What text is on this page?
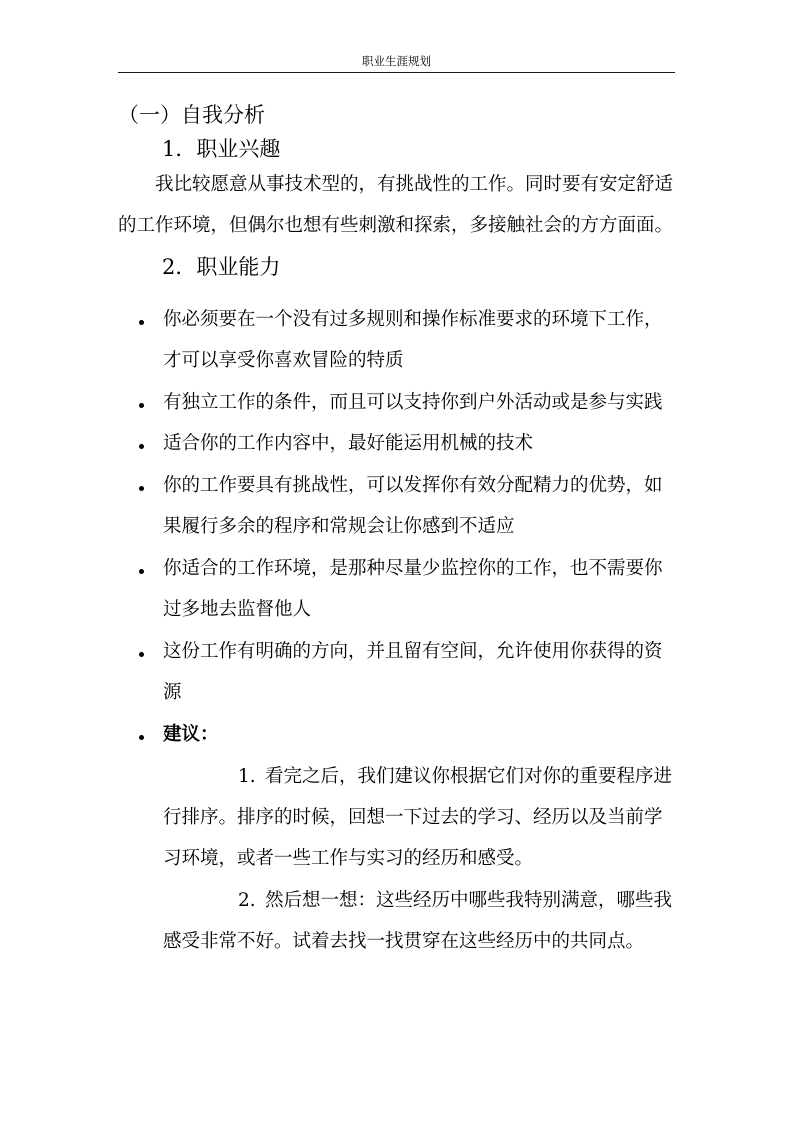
职业生涯规划
（一）自我分析
1．职业兴趣
我比较愿意从事技术型的，有挑战性的工作。同时要有安定舒适
的工作环境，但偶尔也想有些刺激和探索，多接触社会的方方面面。
2．职业能力
你必须要在一个没有过多规则和操作标准要求的环境下工作，
才可以享受你喜欢冒险的特质
有独立工作的条件，而且可以支持你到户外活动或是参与实践
适合你的工作内容中，最好能运用机械的技术
你的工作要具有挑战性，可以发挥你有效分配精力的优势，如
果履行多余的程序和常规会让你感到不适应
你适合的工作环境，是那种尽量少监控你的工作，也不需要你
过多地去监督他人
这份工作有明确的方向，并且留有空间，允许使用你获得的资
源
建议：
1. 看完之后，我们建议你根据它们对你的重要程序进
行排序。排序的时候，回想一下过去的学习、经历以及当前学
习环境，或者一些工作与实习的经历和感受。
2. 然后想一想：这些经历中哪些我特别满意，哪些我
感受非常不好。试着去找一找贯穿在这些经历中的共同点。
